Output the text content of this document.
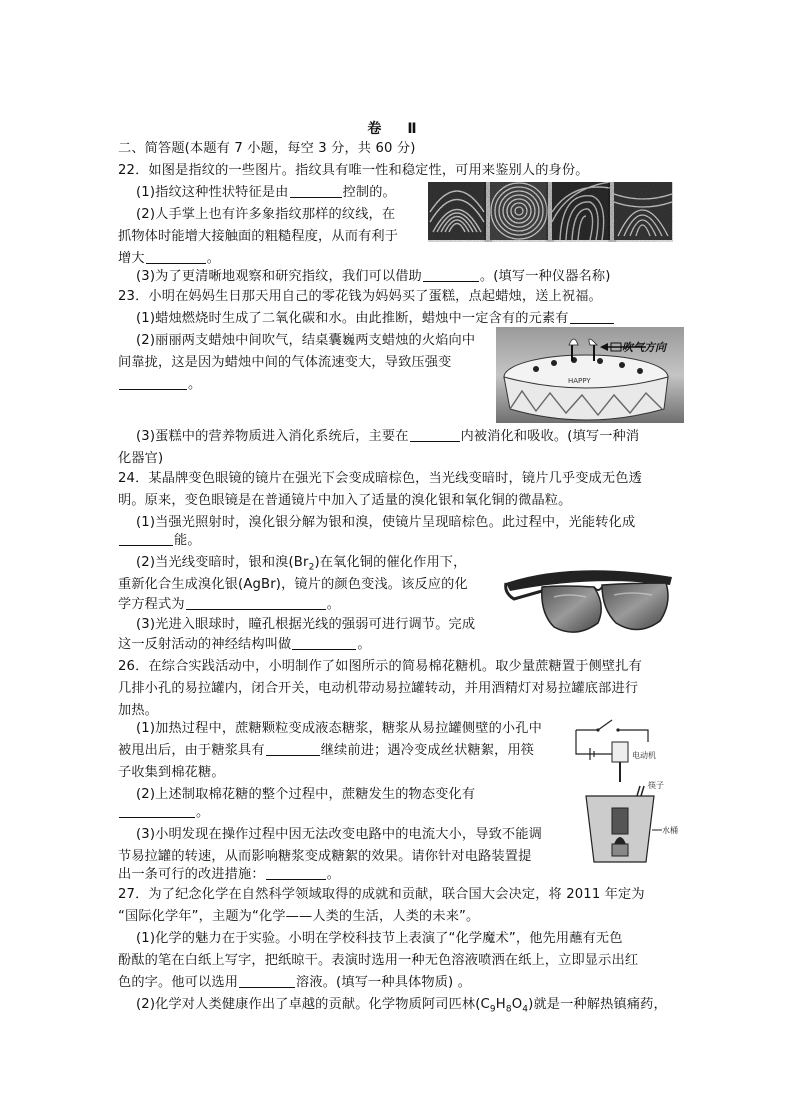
卷　Ⅱ
二、简答题(本题有 7 小题，每空 3 分，共 60 分)
22．如图是指纹的一些图片。指纹具有唯一性和稳定性，可用来鉴别人的身份。
(1)指纹这种性状特征是由	控制的。
(2)人手掌上也有许多象指纹那样的纹线，在
抓物体时能增大接触面的粗糙程度，从而有利于
增大	。
(3)为了更清晰地观察和研究指纹，我们可以借助	。(填写一种仪器名称)
23．小明在妈妈生日那天用自己的零花钱为妈妈买了蛋糕，点起蜡烛，送上祝福。
(1)蜡烛燃烧时生成了二氧化碳和水。由此推断，蜡烛中一定含有的元素有
(2)丽丽两支蜡烛中间吹气，结桌囊巍两支蜡烛的火焰向中
间靠拢，这是因为蜡烛中间的气体流速变大，导致压强变
。	HAPPY
吹气方向
(3)蛋糕中的营养物质进入消化系统后，主要在	内被消化和吸收。(填写一种消
化器官)
24．某晶牌变色眼镜的镜片在强光下会变成暗棕色，当光线变暗时，镜片几乎变成无色透
明。原来，变色眼镜是在普通镜片中加入了适量的溴化银和氧化铜的微晶粒。
(1)当强光照射时，溴化银分解为银和溴，使镜片呈现暗棕色。此过程中，光能转化成
能。
(2)当光线变暗时，银和溴$(Br_2)$在氧化铜的催化作用下，
重新化合生成溴化银(AgBr)，镜片的颜色变浅。该反应的化
学方程式为	。
(3)光进入眼球时，瞳孔根据光线的强弱可进行调节。完成
这一反射活动的神经结构叫做	。
26．在综合实践活动中，小明制作了如图所示的简易棉花糖机。取少量蔗糖置于侧壁扎有
几排小孔的易拉罐内，闭合开关，电动机带动易拉罐转动，并用酒精灯对易拉罐底部进行
加热。
(1)加热过程中，蔗糖颗粒变成液态糖浆，糖浆从易拉罐侧壁的小孔中
被甩出后，由于糖浆具有	继续前进；遇冷变成丝状糖絮，用筷
子收集到棉花糖。
(2)上述制取棉花糖的整个过程中，蔗糖发生的物态变化有
。
(3)小明发现在操作过程中因无法改变电路中的电流大小，导致不能调
节易拉罐的转速，从而影响糖浆变成糖絮的效果。请你针对电路装置提
出一条可行的改进措施：	。
电动机
筷子
水桶
27．为了纪念化学在自然科学领域取得的成就和贡献，联合国大会决定，将 2011 年定为
“国际化学年”，主题为“化学——人类的生活，人类的未来”。
(1)化学的魅力在于实验。小明在学校科技节上表演了“化学魔术”，他先用蘸有无色
酚酞的笔在白纸上写字，把纸晾干。表演时选用一种无色溶液喷洒在纸上，立即显示出红
色的字。他可以选用	溶液。(填写一种具体物质) 。
(2)化学对人类健康作出了卓越的贡献。化学物质阿司匹林$(C_9H_8O_4)$就是一种解热镇痛药，
